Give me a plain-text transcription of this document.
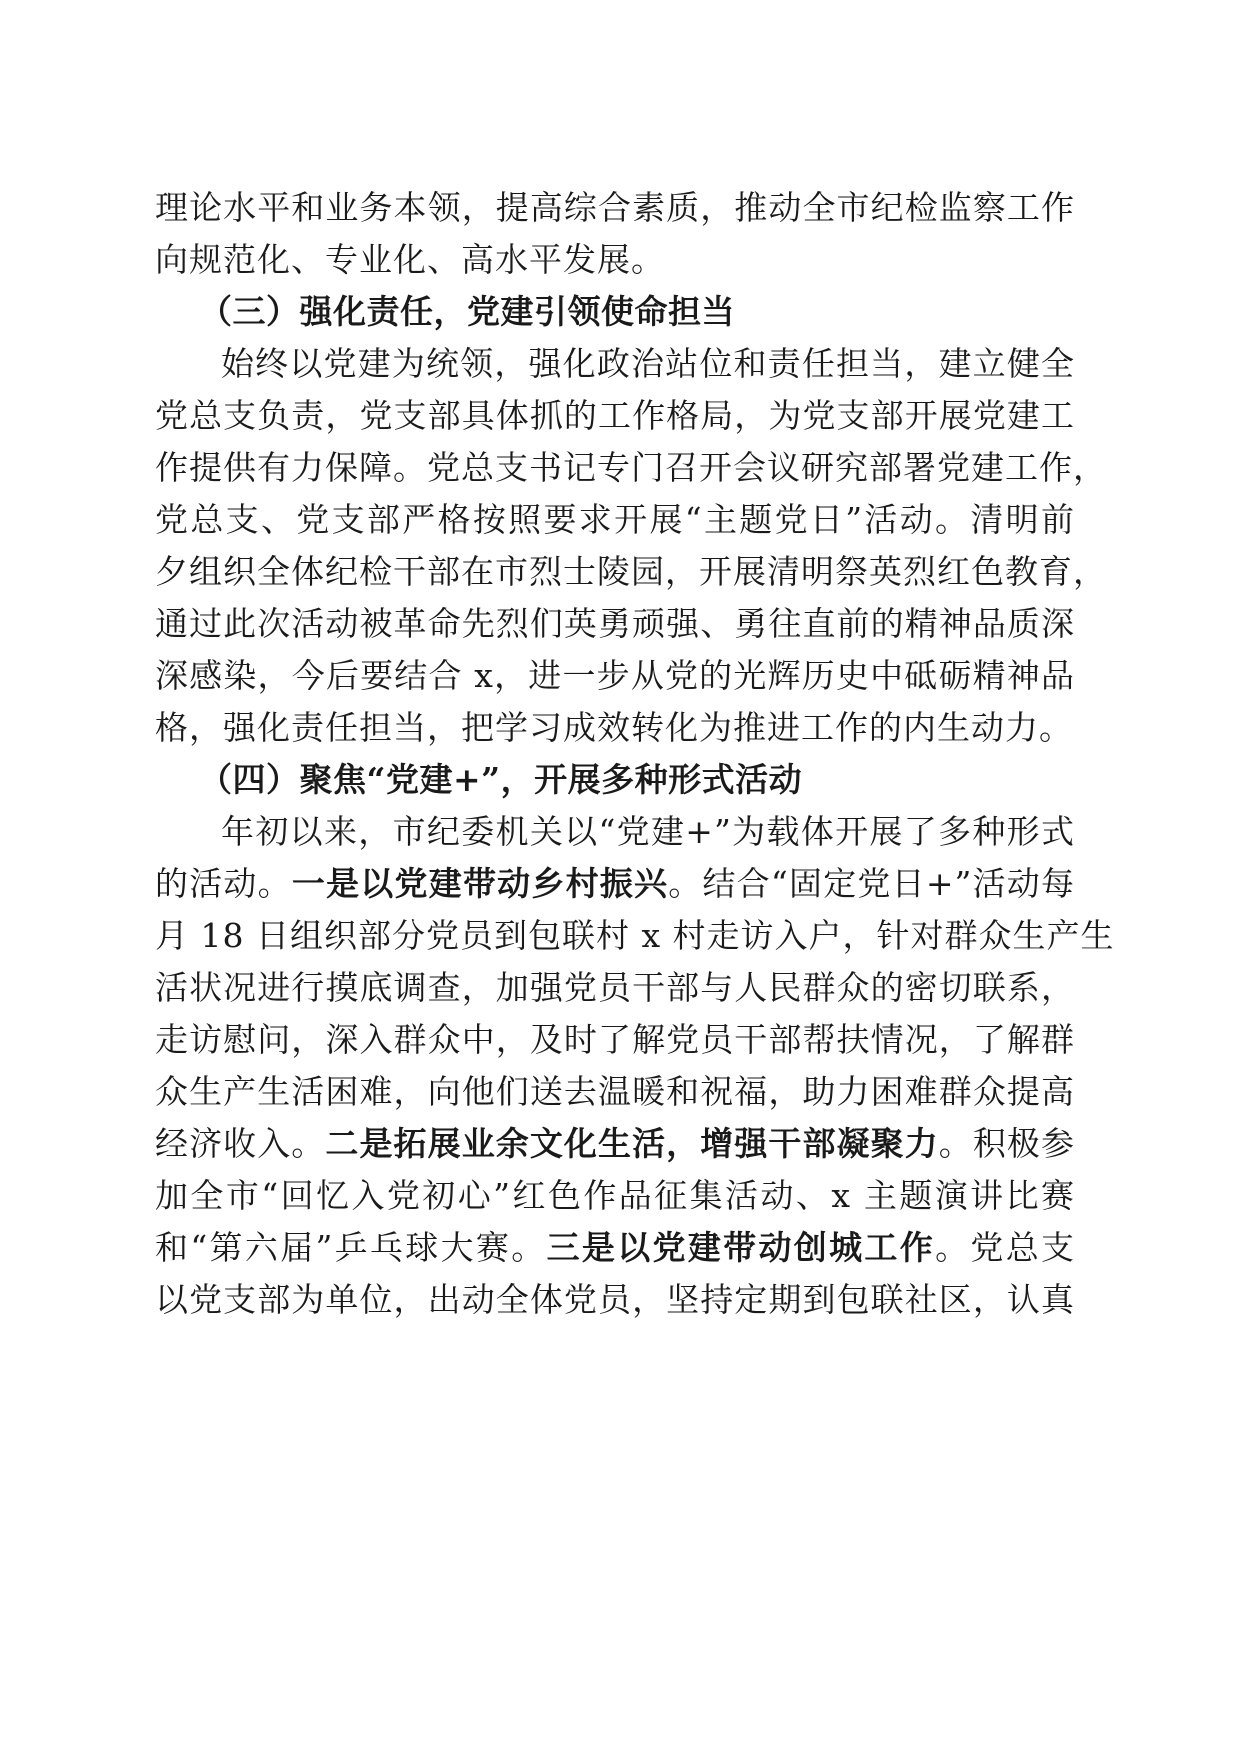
理论水平和业务本领，提高综合素质，推动全市纪检监察工作
向规范化、专业化、高水平发展。
（三）强化责任，党建引领使命担当
始终以党建为统领，强化政治站位和责任担当，建立健全
党总支负责，党支部具体抓的工作格局，为党支部开展党建工
作提供有力保障。党总支书记专门召开会议研究部署党建工作，
党总支、党支部严格按照要求开展“主题党日”活动。清明前
夕组织全体纪检干部在市烈士陵园，开展清明祭英烈红色教育，
通过此次活动被革命先烈们英勇顽强、勇往直前的精神品质深
深感染，今后要结合 x，进一步从党的光辉历史中砥砺精神品
格，强化责任担当，把学习成效转化为推进工作的内生动力。
（四）聚焦“党建+”，开展多种形式活动
年初以来，市纪委机关以“党建+”为载体开展了多种形式
的活动。一是以党建带动乡村振兴。结合“固定党日+”活动每
月 18 日组织部分党员到包联村 x 村走访入户，针对群众生产生
活状况进行摸底调查，加强党员干部与人民群众的密切联系，
走访慰问，深入群众中，及时了解党员干部帮扶情况，了解群
众生产生活困难，向他们送去温暖和祝福，助力困难群众提高
经济收入。二是拓展业余文化生活，增强干部凝聚力。积极参
加全市“回忆入党初心”红色作品征集活动、x 主题演讲比赛
和“第六届”乒乓球大赛。三是以党建带动创城工作。党总支
以党支部为单位，出动全体党员，坚持定期到包联社区，认真
